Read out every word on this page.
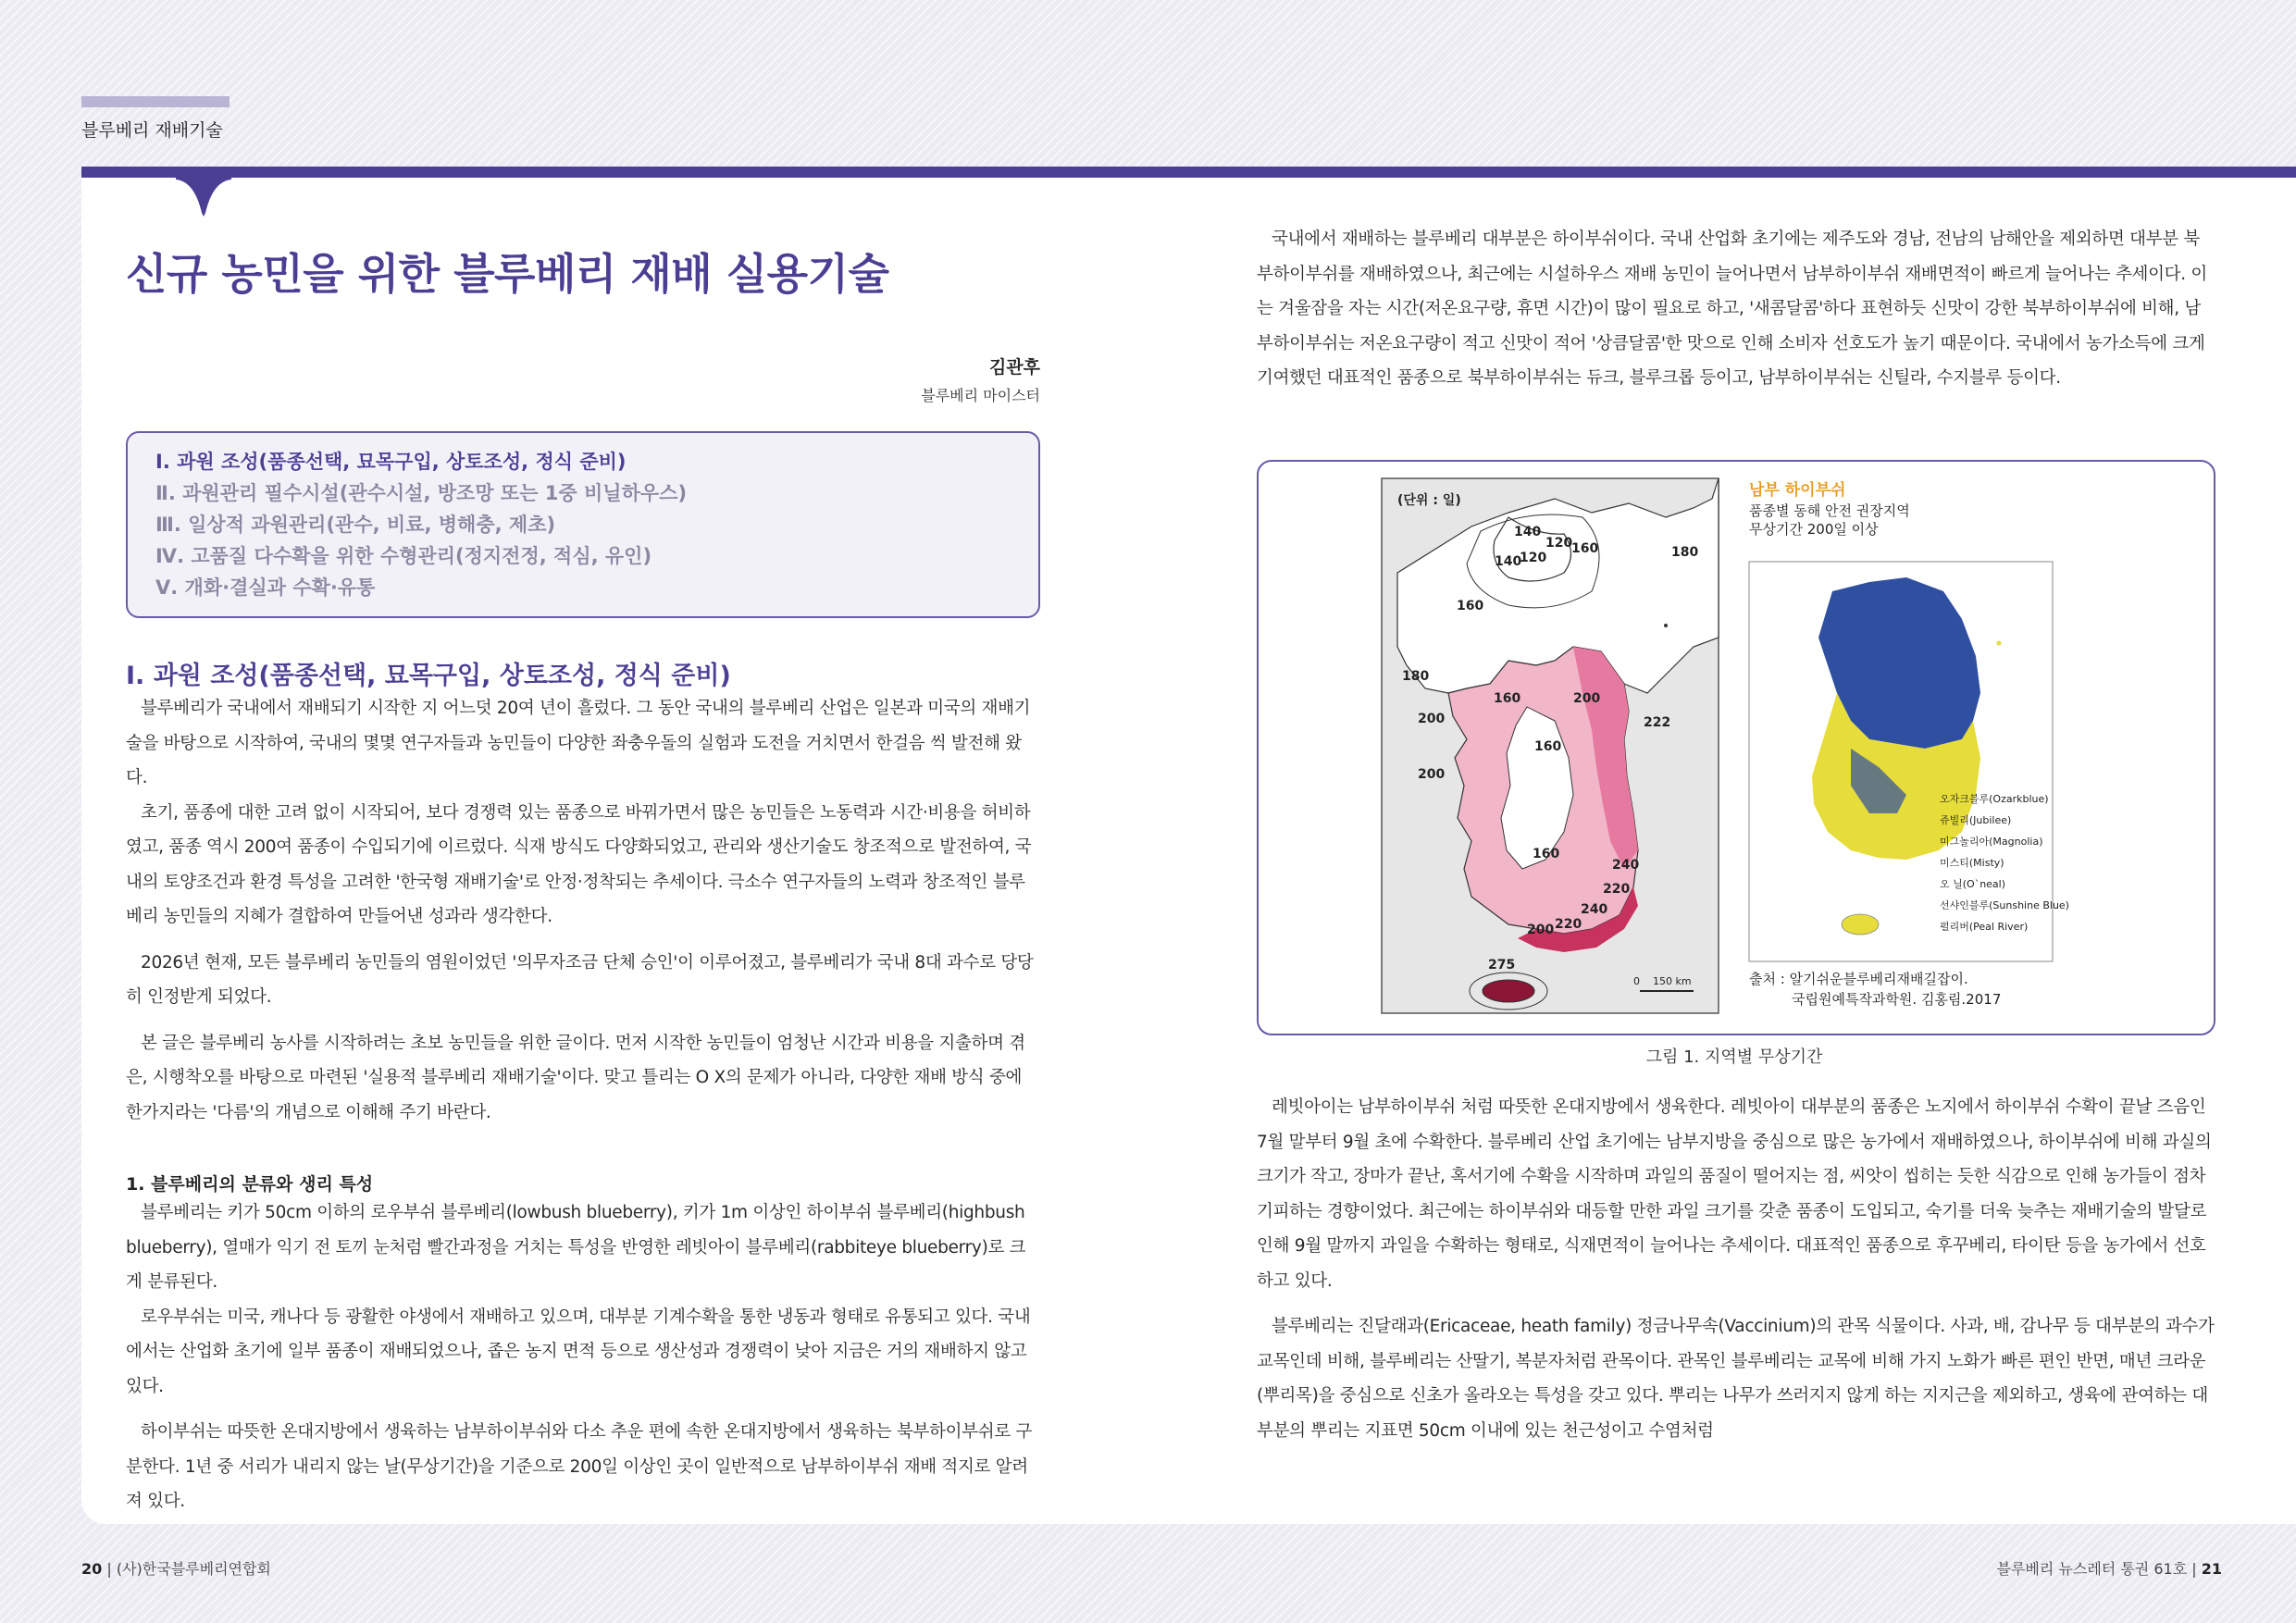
블루베리 재배기술
신규 농민을 위한 블루베리 재배 실용기술
김관후
블루베리 마이스터
Ⅰ. 과원 조성(품종선택, 묘목구입, 상토조성, 정식 준비)
Ⅱ. 과원관리 필수시설(관수시설, 방조망 또는 1중 비닐하우스)
Ⅲ. 일상적 과원관리(관수, 비료, 병해충, 제초)
Ⅳ. 고품질 다수확을 위한 수형관리(정지전정, 적심, 유인)
Ⅴ. 개화·결실과 수확·유통
Ⅰ. 과원 조성(품종선택, 묘목구입, 상토조성, 정식 준비)

블루베리가 국내에서 재배되기 시작한 지 어느덧 20여 년이 흘렀다. 그 동안 국내의 블루베리 산업은 일본과 미국의 재배기술을 바탕으로 시작하여, 국내의 몇몇 연구자들과 농민들이 다양한 좌충우돌의 실험과 도전을 거치면서 한걸음 씩 발전해 왔다.

초기, 품종에 대한 고려 없이 시작되어, 보다 경쟁력 있는 품종으로 바꿔가면서 많은 농민들은 노동력과 시간·비용을 허비하였고, 품종 역시 200여 품종이 수입되기에 이르렀다. 식재 방식도 다양화되었고, 관리와 생산기술도 창조적으로 발전하여, 국내의 토양조건과 환경 특성을 고려한 '한국형 재배기술'로 안정·정착되는 추세이다. 극소수 연구자들의 노력과 창조적인 블루베리 농민들의 지혜가 결합하여 만들어낸 성과라 생각한다.

2026년 현재, 모든 블루베리 농민들의 염원이었던 '의무자조금 단체 승인'이 이루어졌고, 블루베리가 국내 8대 과수로 당당히 인정받게 되었다.

본 글은 블루베리 농사를 시작하려는 초보 농민들을 위한 글이다. 먼저 시작한 농민들이 엄청난 시간과 비용을 지출하며 겪은, 시행착오를 바탕으로 마련된 '실용적 블루베리 재배기술'이다. 맞고 틀리는 O X의 문제가 아니라, 다양한 재배 방식 중에 한가지라는 '다름'의 개념으로 이해해 주기 바란다.

1. 블루베리의 분류와 생리 특성

블루베리는 키가 50cm 이하의 로우부쉬 블루베리(lowbush blueberry), 키가 1m 이상인 하이부쉬 블루베리(highbush blueberry), 열매가 익기 전 토끼 눈처럼 빨간과정을 거치는 특성을 반영한 레빗아이 블루베리(rabbiteye blueberry)로 크게 분류된다.

로우부쉬는 미국, 캐나다 등 광활한 야생에서 재배하고 있으며, 대부분 기계수확을 통한 냉동과 형태로 유통되고 있다. 국내에서는 산업화 초기에 일부 품종이 재배되었으나, 좁은 농지 면적 등으로 생산성과 경쟁력이 낮아 지금은 거의 재배하지 않고 있다.

하이부쉬는 따뜻한 온대지방에서 생육하는 남부하이부쉬와 다소 추운 편에 속한 온대지방에서 생육하는 북부하이부쉬로 구분한다. 1년 중 서리가 내리지 않는 날(무상기간)을 기준으로 200일 이상인 곳이 일반적으로 남부하이부쉬 재배 적지로 알려져 있다.

국내에서 재배하는 블루베리 대부분은 하이부쉬이다. 국내 산업화 초기에는 제주도와 경남, 전남의 남해안을 제외하면 대부분 북부하이부쉬를 재배하였으나, 최근에는 시설하우스 재배 농민이 늘어나면서 남부하이부쉬 재배면적이 빠르게 늘어나는 추세이다. 이는 겨울잠을 자는 시간(저온요구량, 휴면 시간)이 많이 필요로 하고, '새콤달콤'하다 표현하듯 신맛이 강한 북부하이부쉬에 비해, 남부하이부쉬는 저온요구량이 적고 신맛이 적어 '상큼달콤'한 맛으로 인해 소비자 선호도가 높기 때문이다. 국내에서 농가소득에 크게 기여했던 대표적인 품종으로 북부하이부쉬는 듀크, 블루크롭 등이고, 남부하이부쉬는 신틸라, 수지블루 등이다.

(단위 : 일)
140
120
140
120
160	180
160
180
200
160	200
222
160
200
240
220
240
200 220
275
160
0 150 km
남부 하이부쉬
품종별 동해 안전 권장지역
무상기간 200일 이상
오자크블루(Ozarkblue)
쥬빌리(Jubilee)
미그놀리아(Magnolia)
미스티(Misty)
오 닐(O`neal)
선샤인블루(Sunshine Blue)
펄리버(Peal River)
출처 : 알기쉬운블루베리재배길잡이.
국립원예특작과학원. 김홍림.2017
그림 1. 지역별 무상기간

레빗아이는 남부하이부쉬 처럼 따뜻한 온대지방에서 생육한다. 레빗아이 대부분의 품종은 노지에서 하이부쉬 수확이 끝날 즈음인 7월 말부터 9월 초에 수확한다. 블루베리 산업 초기에는 남부지방을 중심으로 많은 농가에서 재배하였으나, 하이부쉬에 비해 과실의 크기가 작고, 장마가 끝난, 혹서기에 수확을 시작하며 과일의 품질이 떨어지는 점, 씨앗이 씹히는 듯한 식감으로 인해 농가들이 점차 기피하는 경향이었다. 최근에는 하이부쉬와 대등할 만한 과일 크기를 갖춘 품종이 도입되고, 숙기를 더욱 늦추는 재배기술의 발달로 인해 9월 말까지 과일을 수확하는 형태로, 식재면적이 늘어나는 추세이다. 대표적인 품종으로 후꾸베리, 타이탄 등을 농가에서 선호하고 있다.

블루베리는 진달래과(Ericaceae, heath family) 정금나무속(Vaccinium)의 관목 식물이다. 사과, 배, 감나무 등 대부분의 과수가 교목인데 비해, 블루베리는 산딸기, 복분자처럼 관목이다. 관목인 블루베리는 교목에 비해 가지 노화가 빠른 편인 반면, 매년 크라운(뿌리목)을 중심으로 신초가 올라오는 특성을 갖고 있다. 뿌리는 나무가 쓰러지지 않게 하는 지지근을 제외하고, 생육에 관여하는 대부분의 뿌리는 지표면 50cm 이내에 있는 천근성이고 수염처럼

20 | (사)한국블루베리연합회	블루베리 뉴스레터 통권 61호 | 21
